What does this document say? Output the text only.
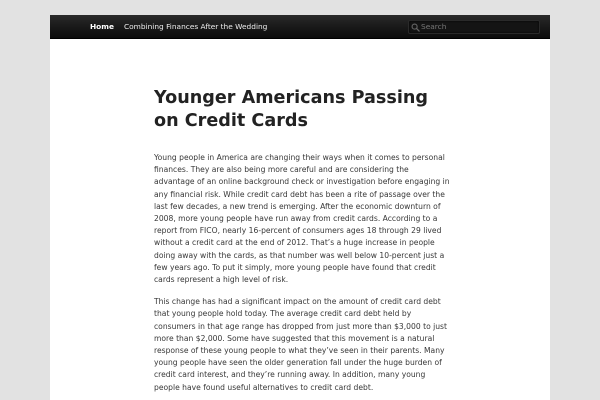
Home Combining Finances After the Wedding
Search
Younger Americans Passing on Credit Cards

Young people in America are changing their ways when it comes to personal finances. They are also being more careful and are considering the advantage of an online background check or investigation before engaging in any financial risk. While credit card debt has been a rite of passage over the last few decades, a new trend is emerging. After the economic downturn of 2008, more young people have run away from credit cards. According to a report from FICO, nearly 16-percent of consumers ages 18 through 29 lived without a credit card at the end of 2012. That’s a huge increase in people doing away with the cards, as that number was well below 10-percent just a few years ago. To put it simply, more young people have found that credit cards represent a high level of risk.

This change has had a significant impact on the amount of credit card debt that young people hold today. The average credit card debt held by consumers in that age range has dropped from just more than $3,000 to just more than $2,000. Some have suggested that this movement is a natural response of these young people to what they’ve seen in their parents. Many young people have seen the older generation fall under the huge burden of credit card interest, and they’re running away. In addition, many young people have found useful alternatives to credit card debt.
